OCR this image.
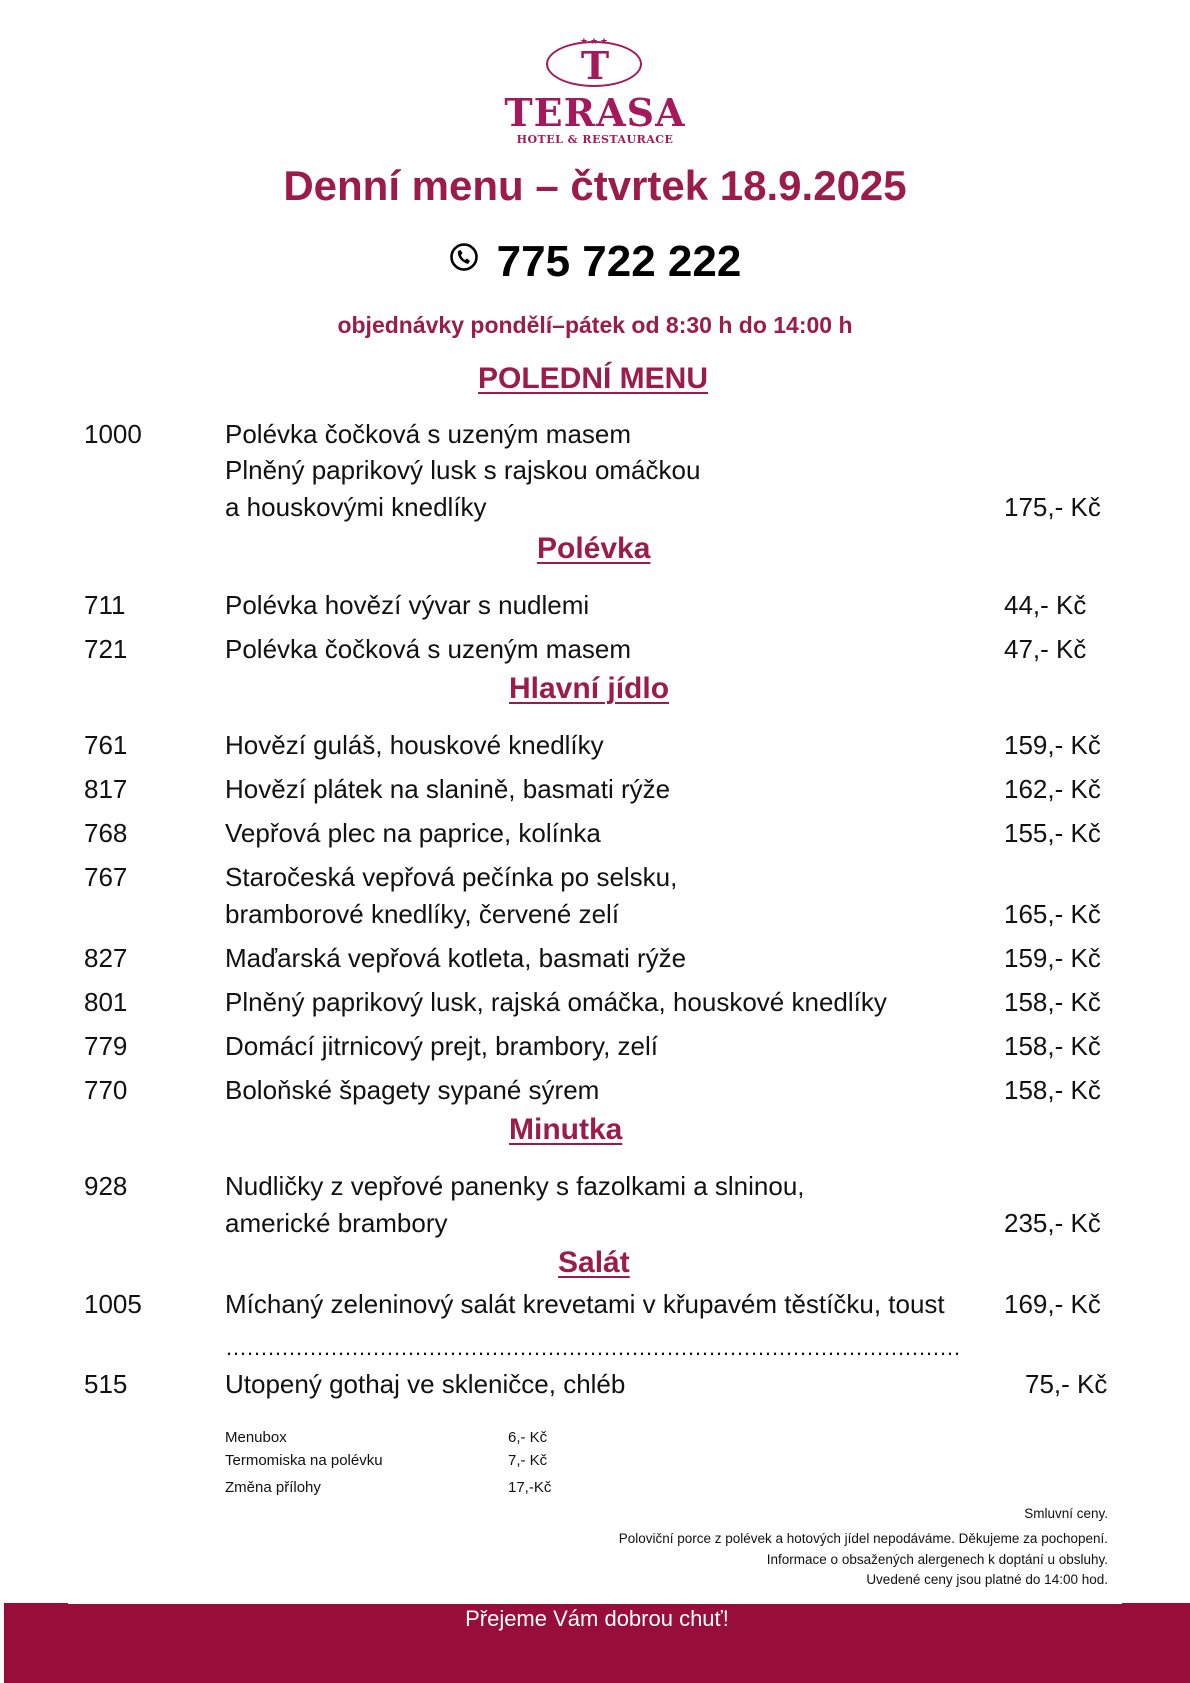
★★★
T
TERASA
HOTEL & RESTAURACE
Denní menu – čtvrtek 18.9.2025
775 722 222
objednávky pondělí–pátek od 8:30 h do 14:00 h
POLEDNÍ MENU
1000	Polévka čočková s uzeným masem
Plněný paprikový lusk s rajskou omáčkou
a houskovými knedlíky	175,- Kč
Polévka
711	Polévka hovězí vývar s nudlemi	44,- Kč
721	Polévka čočková s uzeným masem	47,- Kč
Hlavní jídlo
761	Hovězí guláš, houskové knedlíky	159,- Kč
817	Hovězí plátek na slanině, basmati rýže	162,- Kč
768	Vepřová plec na paprice, kolínka	155,- Kč
767	Staročeská vepřová pečínka po selsku,
bramborové knedlíky, červené zelí	165,- Kč
827	Maďarská vepřová kotleta, basmati rýže	159,- Kč
801	Plněný paprikový lusk, rajská omáčka, houskové knedlíky	158,- Kč
779	Domácí jitrnicový prejt, brambory, zelí	158,- Kč
770	Boloňské špagety sypané sýrem	158,- Kč
Minutka
928	Nudličky z vepřové panenky s fazolkami a slninou,
americké brambory	235,- Kč
Salát
1005	Míchaný zeleninový salát krevetami v křupavém těstíčku, toust 169,- Kč
……………………………………………………………………………………………
515	Utopený gothaj ve skleničce, chléb	75,- Kč
Menubox	6,- Kč
Termomiska na polévku	7,- Kč
Změna přílohy	17,-Kč
Smluvní ceny.
Poloviční porce z polévek a hotových jídel nepodáváme. Děkujeme za pochopení.
Informace o obsažených alergenech k doptání u obsluhy.
Uvedené ceny jsou platné do 14:00 hod.
Přejeme Vám dobrou chuť!
